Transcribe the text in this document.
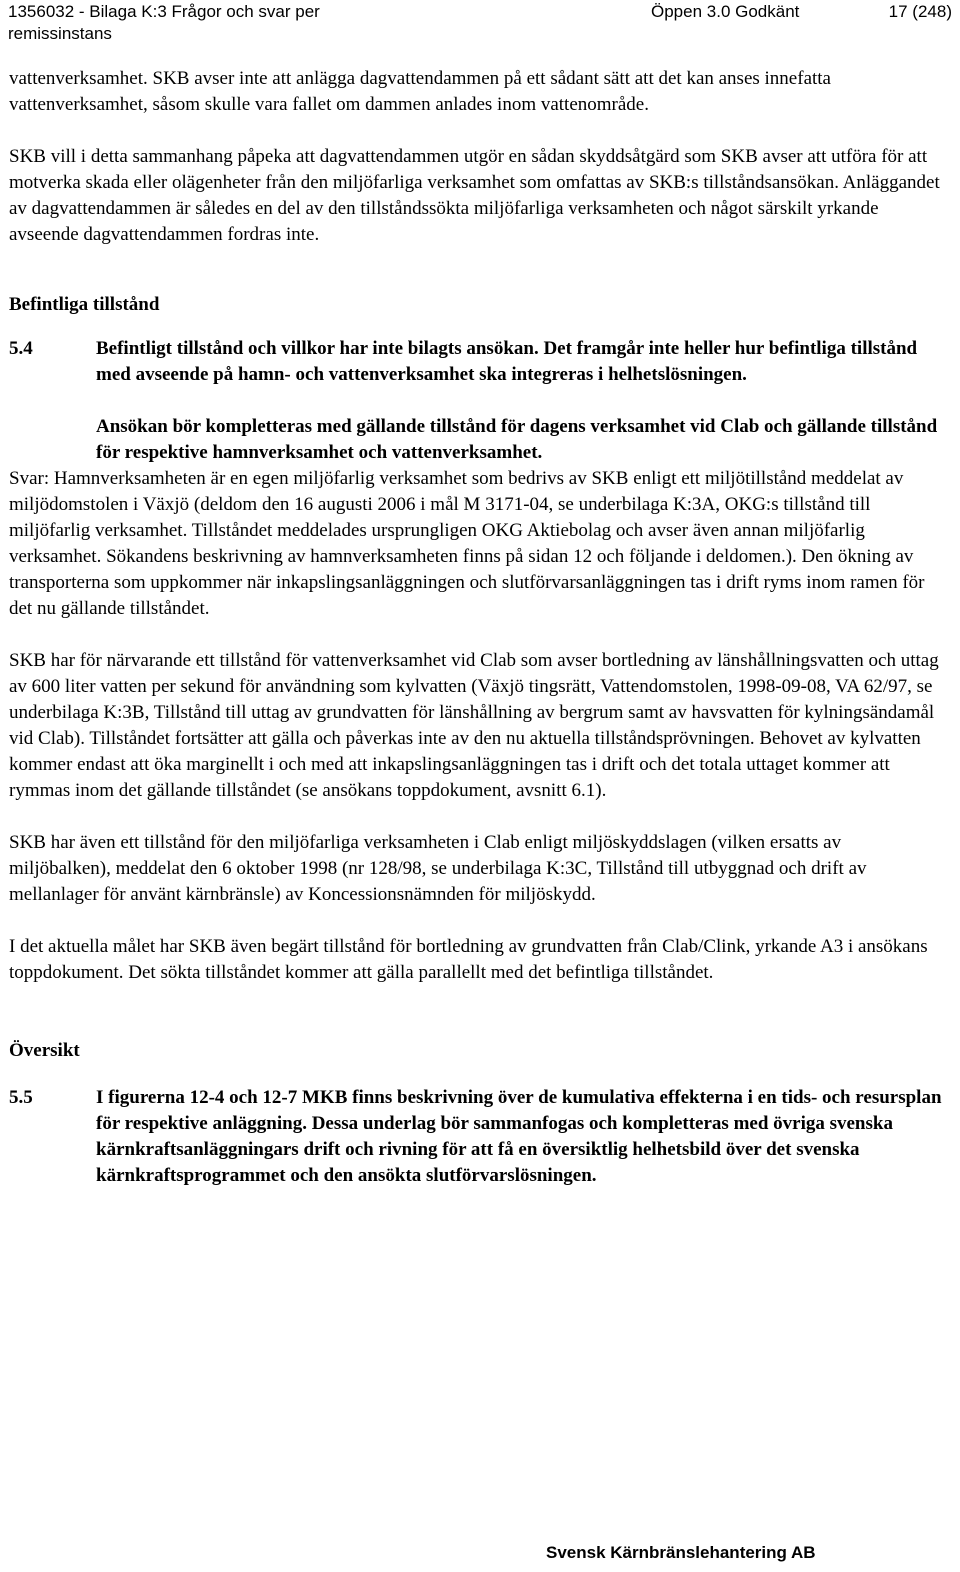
1356032 - Bilaga K:3 Frågor och svar per remissinstans
Öppen 3.0 Godkänt	17 (248)

vattenverksamhet. SKB avser inte att anlägga dagvattendammen på ett sådant sätt att det kan anses innefatta vattenverksamhet, såsom skulle vara fallet om dammen anlades inom vattenområde.

SKB vill i detta sammanhang påpeka att dagvattendammen utgör en sådan skyddsåtgärd som SKB avser att utföra för att motverka skada eller olägenheter från den miljöfarliga verksamhet som omfattas av SKB:s tillståndsansökan. Anläggandet av dagvattendammen är således en del av den tillståndssökta miljöfarliga verksamheten och något särskilt yrkande avseende dagvattendammen fordras inte.

Befintliga tillstånd

5.4	Befintligt tillstånd och villkor har inte bilagts ansökan. Det framgår inte heller hur befintliga tillstånd med avseende på hamn- och vattenverksamhet ska integreras i helhetslösningen.

Ansökan bör kompletteras med gällande tillstånd för dagens verksamhet vid Clab och gällande tillstånd för respektive hamnverksamhet och vattenverksamhet.

Svar: Hamnverksamheten är en egen miljöfarlig verksamhet som bedrivs av SKB enligt ett miljötillstånd meddelat av miljödomstolen i Växjö (deldom den 16 augusti 2006 i mål M 3171-04, se underbilaga K:3A, OKG:s tillstånd till miljöfarlig verksamhet. Tillståndet meddelades ursprungligen OKG Aktiebolag och avser även annan miljöfarlig verksamhet. Sökandens beskrivning av hamnverksamheten finns på sidan 12 och följande i deldomen.). Den ökning av transporterna som uppkommer när inkapslingsanläggningen och slutförvarsanläggningen tas i drift ryms inom ramen för det nu gällande tillståndet.

SKB har för närvarande ett tillstånd för vattenverksamhet vid Clab som avser bortledning av länshållningsvatten och uttag av 600 liter vatten per sekund för användning som kylvatten (Växjö tingsrätt, Vattendomstolen, 1998-09-08, VA 62/97, se underbilaga K:3B, Tillstånd till uttag av grundvatten för länshållning av bergrum samt av havsvatten för kylningsändamål vid Clab). Tillståndet fortsätter att gälla och påverkas inte av den nu aktuella tillståndsprövningen. Behovet av kylvatten kommer endast att öka marginellt i och med att inkapslingsanläggningen tas i drift och det totala uttaget kommer att rymmas inom det gällande tillståndet (se ansökans toppdokument, avsnitt 6.1).

SKB har även ett tillstånd för den miljöfarliga verksamheten i Clab enligt miljöskyddslagen (vilken ersatts av miljöbalken), meddelat den 6 oktober 1998 (nr 128/98, se underbilaga K:3C, Tillstånd till utbyggnad och drift av mellanlager för använt kärnbränsle) av Koncessionsnämnden för miljöskydd.

I det aktuella målet har SKB även begärt tillstånd för bortledning av grundvatten från Clab/Clink, yrkande A3 i ansökans toppdokument. Det sökta tillståndet kommer att gälla parallellt med det befintliga tillståndet.

Översikt

5.5	I figurerna 12-4 och 12-7 MKB finns beskrivning över de kumulativa effekterna i en tids- och resursplan för respektive anläggning. Dessa underlag bör sammanfogas och kompletteras med övriga svenska kärnkraftsanläggningars drift och rivning för att få en översiktlig helhetsbild över det svenska kärnkraftsprogrammet och den ansökta slutförvarslösningen.

Svensk Kärnbränslehantering AB
